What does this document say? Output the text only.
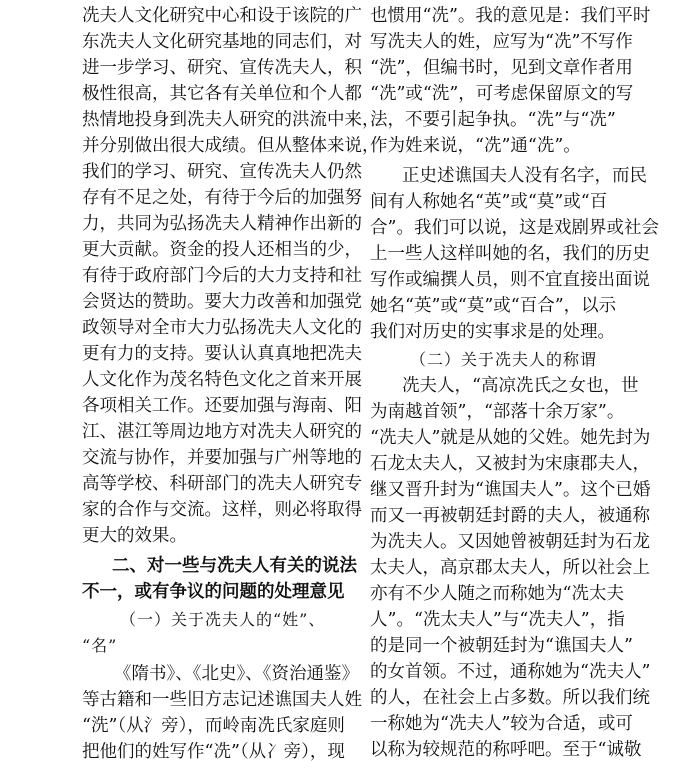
冼夫人文化研究中心和设于该院的广
东冼夫人文化研究基地的同志们，对
进一步学习、研究、宣传冼夫人，积
极性很高，其它各有关单位和个人都
热情地投身到冼夫人研究的洪流中来，
并分别做出很大成绩。但从整体来说，
我们的学习、研究、宣传冼夫人仍然
存有不足之处，有待于今后的加强努
力，共同为弘扬冼夫人精神作出新的
更大贡献。资金的投人还相当的少，
有待于政府部门今后的大力支持和社
会贤达的赞助。要大力改善和加强党
政领导对全市大力弘扬冼夫人文化的
更有力的支持。要认认真真地把冼夫
人文化作为茂名特色文化之首来开展
各项相关工作。还要加强与海南、阳
江、湛江等周边地方对冼夫人研究的
交流与协作，并要加强与广州等地的
高等学校、科研部门的冼夫人研究专
家的合作与交流。这样，则必将取得
更大的效果。
二、对一些与冼夫人有关的说法
不一，或有争议的问题的处理意见
（一）关于冼夫人的“姓”、
“名”
《隋书》、《北史》、《资治通鉴》
等古籍和一些旧方志记述谯国夫人姓
“洗”（从氵旁），而岭南冼氏家庭则
把他们的姓写作“冼”（从冫旁），现
也惯用“冼”。我的意见是：我们平时
写冼夫人的姓，应写为“冼”不写作
“洗”，但编书时，见到文章作者用
“冼”或“洗”，可考虑保留原文的写
法，不要引起争执。“冼”与“冼”
作为姓来说，“冼”通“冼”。
正史述谯国夫人没有名字，而民
间有人称她名“英”或“莫”或“百
合”。我们可以说，这是戏剧界或社会
上一些人这样叫她的名，我们的历史
写作或编撰人员，则不宜直接出面说
她名“英”或“莫”或“百合”，以示
我们对历史的实事求是的处理。
（二）关于冼夫人的称谓
冼夫人，“高凉冼氏之女也，世
为南越首领”，“部落十余万家”。
“冼夫人”就是从她的父姓。她先封为
石龙太夫人，又被封为宋康郡夫人，
继又晋升封为“谯国夫人”。这个已婚
而又一再被朝廷封爵的夫人，被通称
为冼夫人。又因她曾被朝廷封为石龙
太夫人，高京郡太夫人，所以社会上
亦有不少人随之而称她为“冼太夫
人”。“冼太夫人”与“冼夫人”，指
的是同一个被朝廷封为“谯国夫人”
的女首领。不过，通称她为“冼夫人”
的人，在社会上占多数。所以我们统
一称她为“冼夫人”较为合适，或可
以称为较规范的称呼吧。至于“诚敬
